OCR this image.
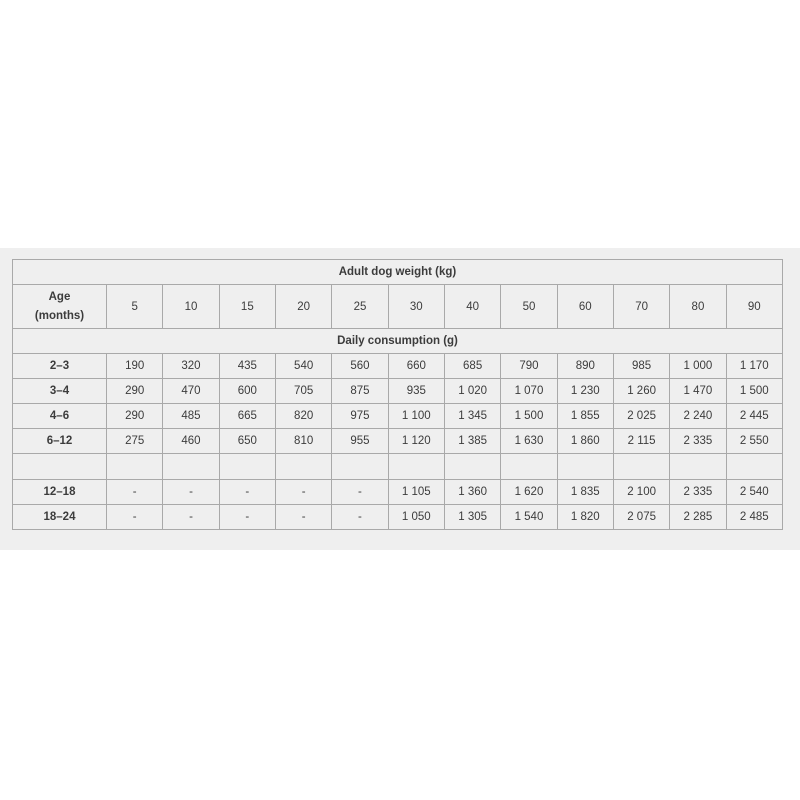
Adult dog weight (kg)												

Age
(months)	5	10	15	20	25	30	40	50	60	70	80	90
Daily consumption (g)												
2–3	190	320	435	540	560	660	685	790	890	985	1 000	1 170
3–4	290	470	600	705	875	935	1 020	1 070	1 230	1 260	1 470	1 500
4–6	290	485	665	820	975	1 100	1 345	1 500	1 855	2 025	2 240	2 445
6–12	275	460	650	810	955	1 120	1 385	1 630	1 860	2 115	2 335	2 550

12–18	-	-	-	-	-	1 105	1 360	1 620	1 835	2 100	2 335	2 540
18–24	-	-	-	-	-	1 050	1 305	1 540	1 820	2 075	2 285	2 485
